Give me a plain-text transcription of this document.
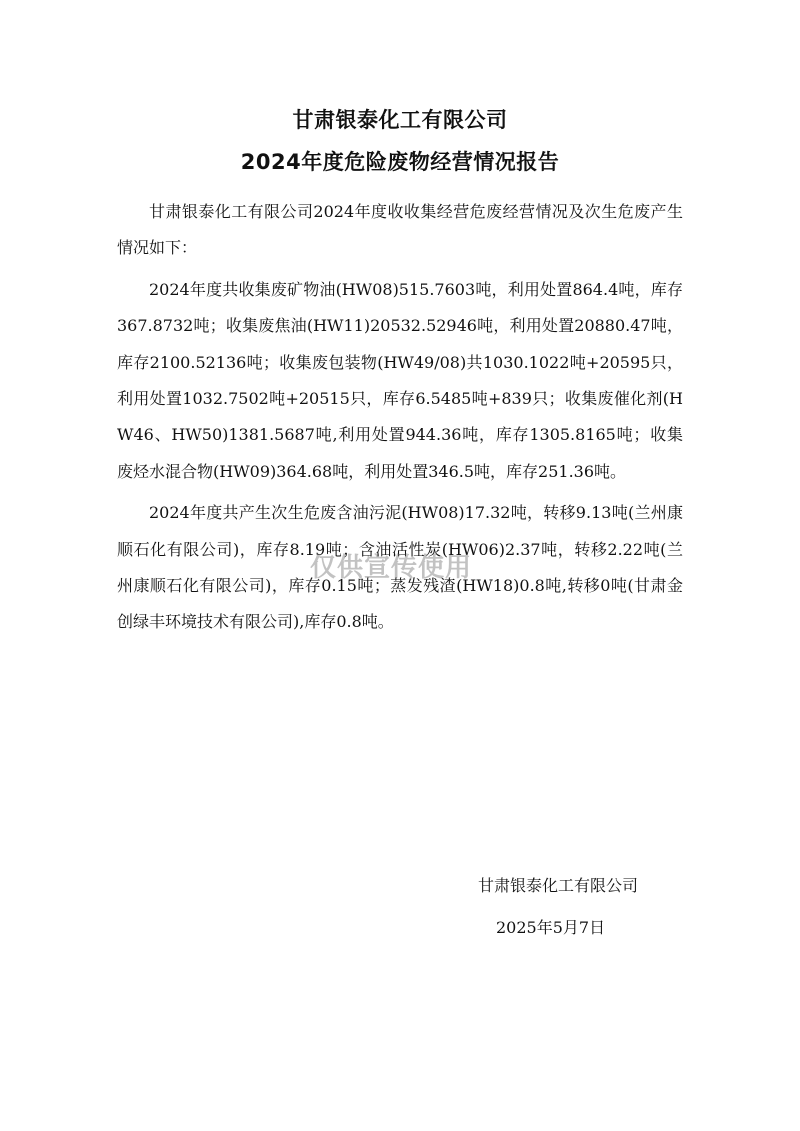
甘肃银泰化工有限公司
2024年度危险废物经营情况报告

甘肃银泰化工有限公司2024年度收收集经营危废经营情况及次生危废产生情况如下：

2024年度共收集废矿物油(HW08)515.7603吨，利用处置864.4吨，库存367.8732吨；收集废焦油(HW11)20532.52946吨，利用处置20880.47吨，库存2100.52136吨；收集废包装物(HW49/08)共1030.1022吨+20595只，利用处置1032.7502吨+20515只，库存6.5485吨+839只；收集废催化剂(HW46、HW50)1381.5687吨,利用处置944.36吨，库存1305.8165吨；收集废烃水混合物(HW09)364.68吨，利用处置346.5吨，库存251.36吨。

2024年度共产生次生危废含油污泥(HW08)17.32吨，转移9.13吨(兰州康顺石化有限公司)，库存8.19吨；含油活性炭(HW06)2.37吨，转移2.22吨(兰州康顺石化有限公司)，库存0.15吨；蒸发残渣(HW18)0.8吨,转移0吨(甘肃金创绿丰环境技术有限公司),库存0.8吨。

仅供宣传使用
甘肃银泰化工有限公司
2025年5月7日
